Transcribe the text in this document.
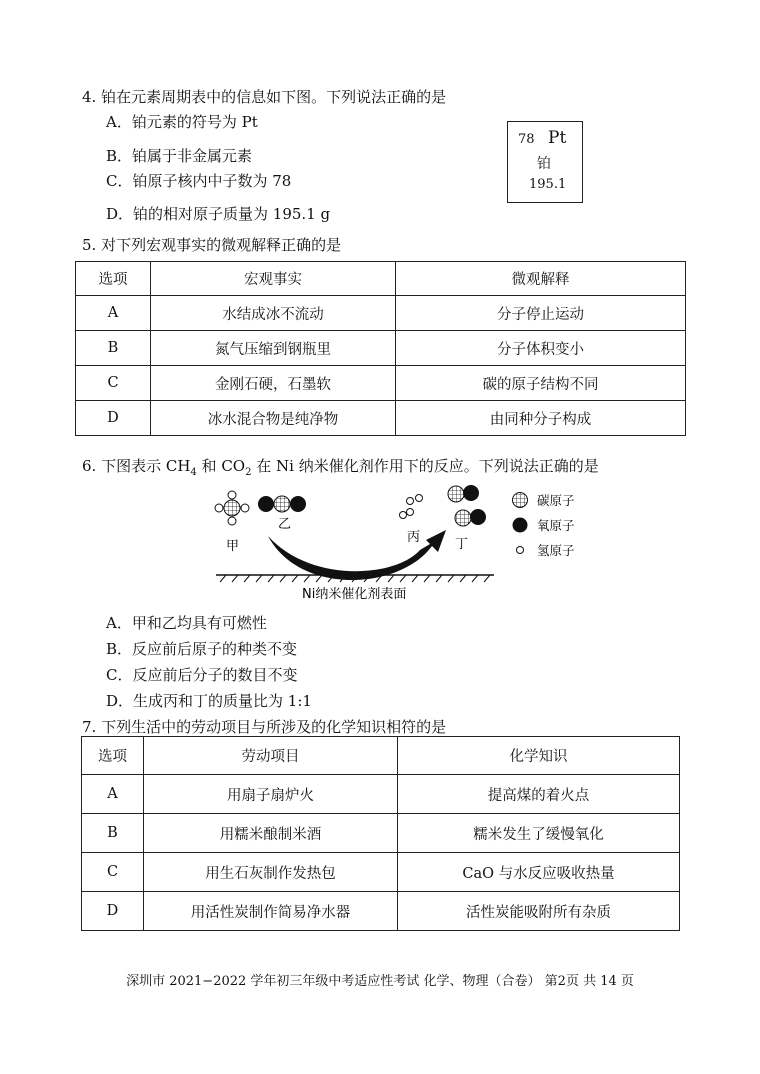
4. 铂在元素周期表中的信息如下图。下列说法正确的是
A．铂元素的符号为 Pt
B．铂属于非金属元素
C．铂原子核内中子数为 78
D．铂的相对原子质量为 195.1 g
78 Pt
铂
195.1
5. 对下列宏观事实的微观解释正确的是
选项	宏观事实	微观解释
A	水结成冰不流动	分子停止运动
B	氮气压缩到钢瓶里	分子体积变小
C	金刚石硬，石墨软	碳的原子结构不同
D	冰水混合物是纯净物	由同种分子构成
6. 下图表示 $CH_4$ 和 $CO_2$ 在 Ni 纳米催化剂作用下的反应。下列说法正确的是
甲
乙
丙	丁
Ni纳米催化剂表面
碳原子
氧原子
氢原子
A．甲和乙均具有可燃性
B．反应前后原子的种类不变
C．反应前后分子的数目不变
D．生成丙和丁的质量比为 1:1
7. 下列生活中的劳动项目与所涉及的化学知识相符的是
选项	劳动项目	化学知识
A	用扇子扇炉火	提高煤的着火点
B	用糯米酿制米酒	糯米发生了缓慢氧化
C	用生石灰制作发热包	CaO 与水反应吸收热量
D	用活性炭制作简易净水器	活性炭能吸附所有杂质
深圳市 2021−2022 学年初三年级中考适应性考试 化学、物理（合卷） 第2页 共 14 页
